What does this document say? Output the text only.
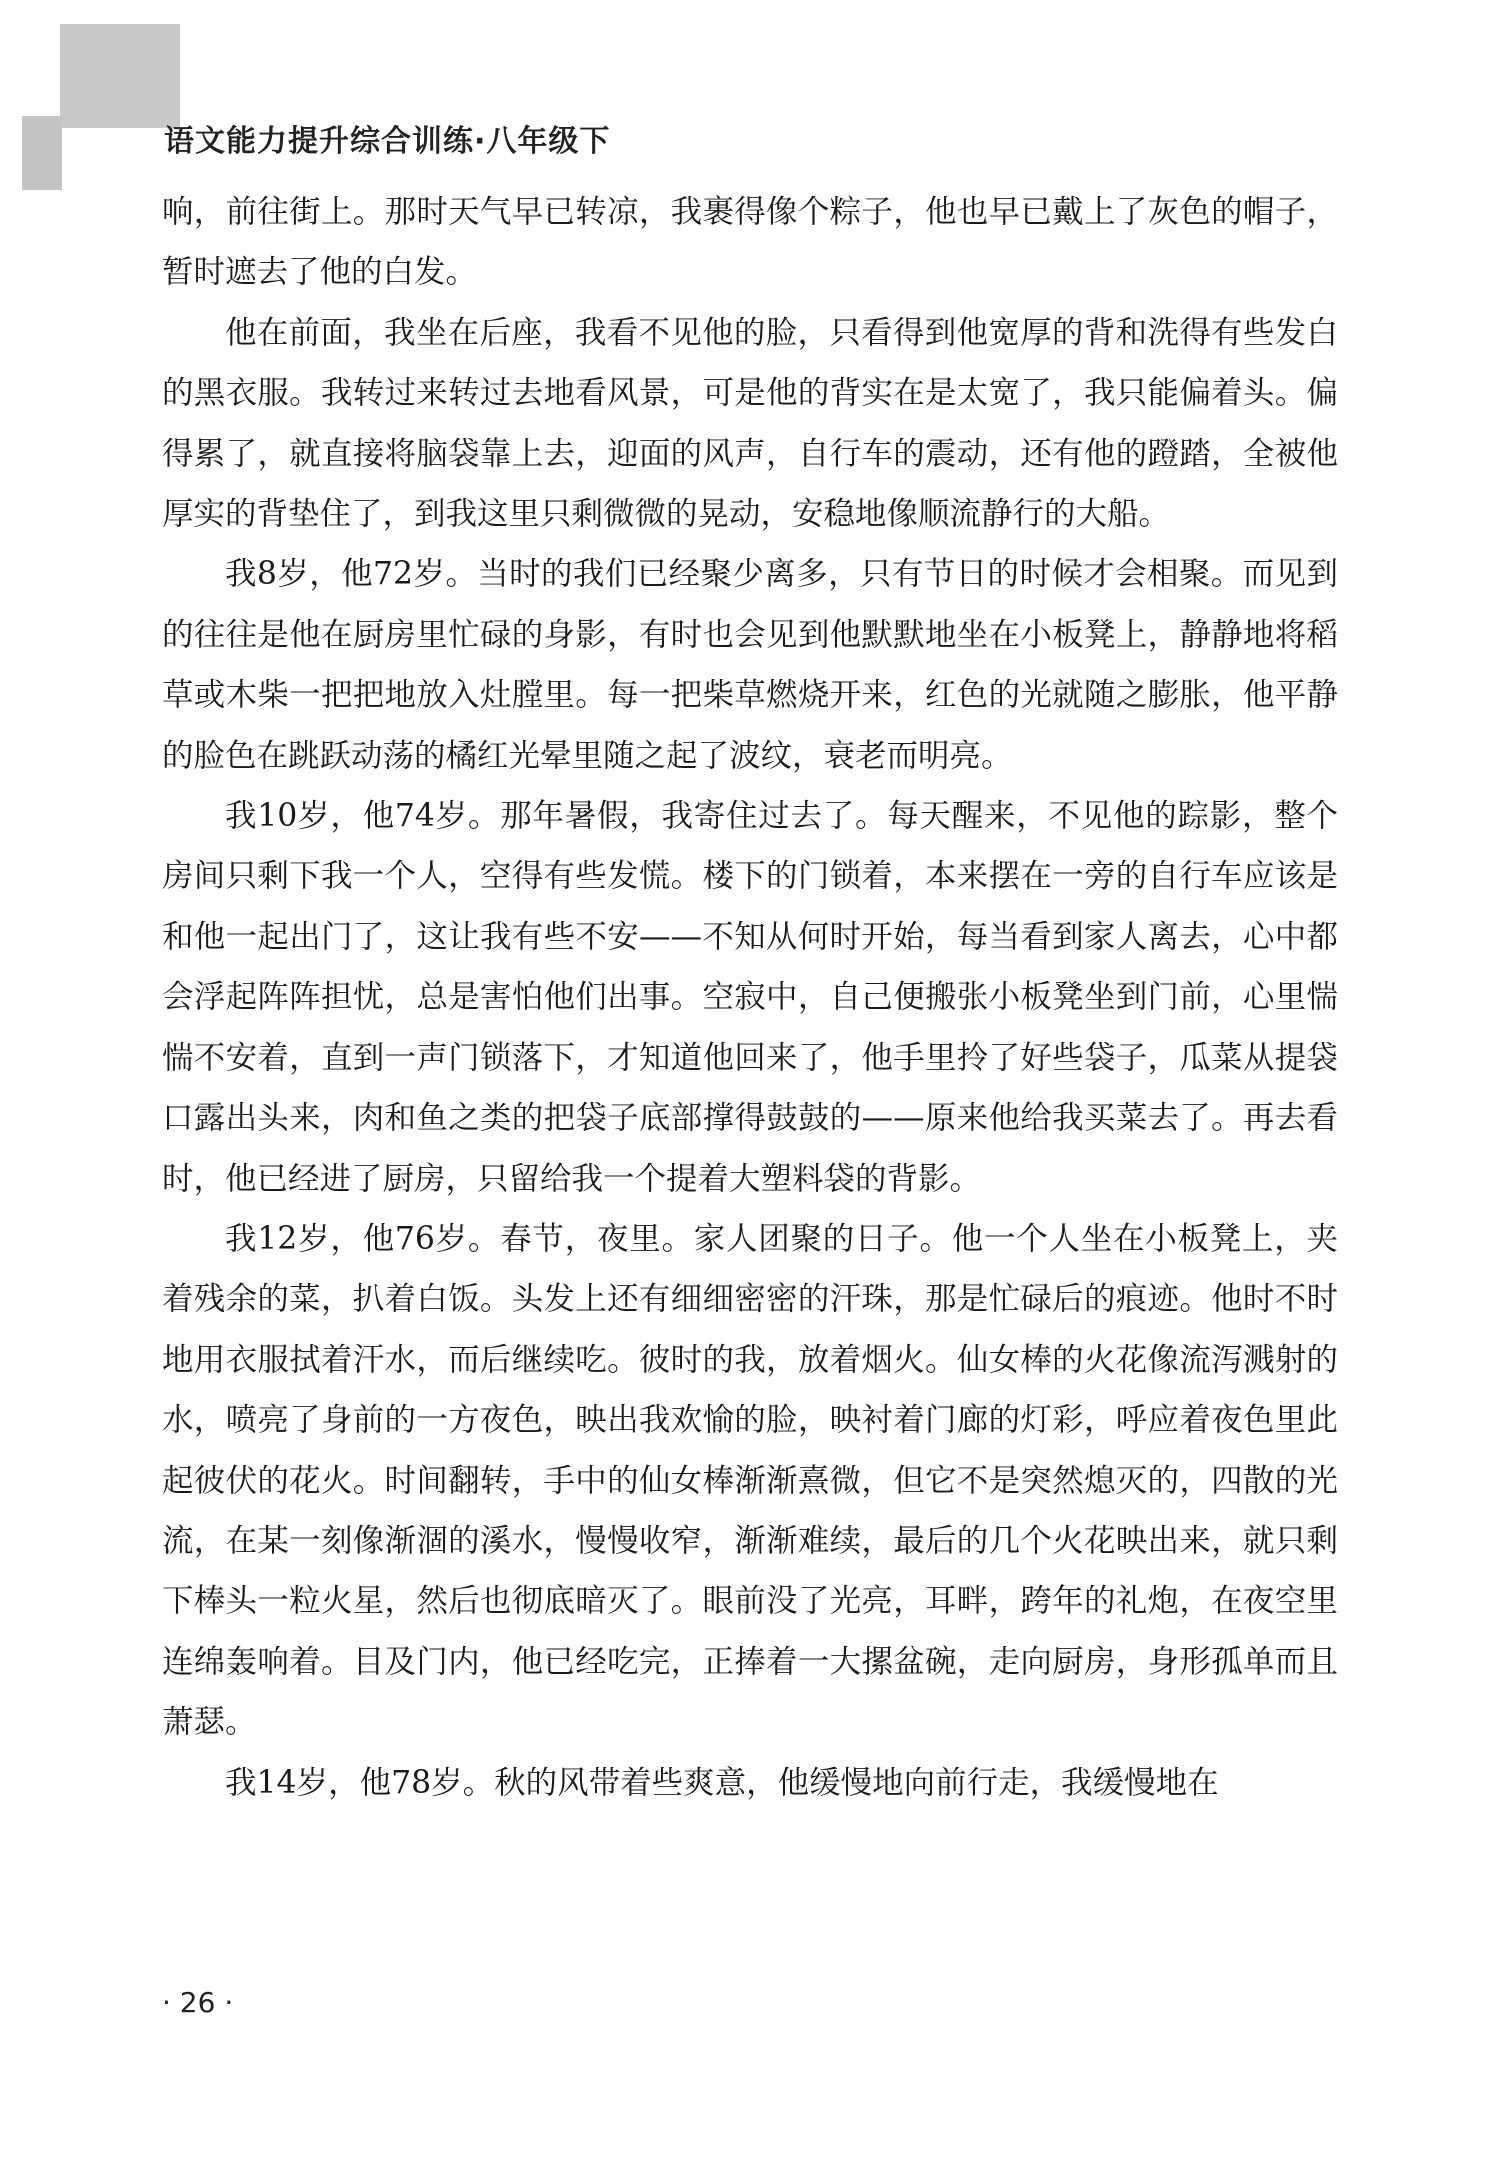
语文能力提升综合训练·八年级下

响，前往街上。那时天气早已转凉，我裹得像个粽子，他也早已戴上了灰色的帽子，暂时遮去了他的白发。

他在前面，我坐在后座，我看不见他的脸，只看得到他宽厚的背和洗得有些发白的黑衣服。我转过来转过去地看风景，可是他的背实在是太宽了，我只能偏着头。偏得累了，就直接将脑袋靠上去，迎面的风声，自行车的震动，还有他的蹬踏，全被他厚实的背垫住了，到我这里只剩微微的晃动，安稳地像顺流静行的大船。

我8岁，他72岁。当时的我们已经聚少离多，只有节日的时候才会相聚。而见到的往往是他在厨房里忙碌的身影，有时也会见到他默默地坐在小板凳上，静静地将稻草或木柴一把把地放入灶膛里。每一把柴草燃烧开来，红色的光就随之膨胀，他平静的脸色在跳跃动荡的橘红光晕里随之起了波纹，衰老而明亮。

我10岁，他74岁。那年暑假，我寄住过去了。每天醒来，不见他的踪影，整个房间只剩下我一个人，空得有些发慌。楼下的门锁着，本来摆在一旁的自行车应该是和他一起出门了，这让我有些不安——不知从何时开始，每当看到家人离去，心中都会浮起阵阵担忧，总是害怕他们出事。空寂中，自己便搬张小板凳坐到门前，心里惴惴不安着，直到一声门锁落下，才知道他回来了，他手里拎了好些袋子，瓜菜从提袋口露出头来，肉和鱼之类的把袋子底部撑得鼓鼓的——原来他给我买菜去了。再去看时，他已经进了厨房，只留给我一个提着大塑料袋的背影。

我12岁，他76岁。春节，夜里。家人团聚的日子。他一个人坐在小板凳上，夹着残余的菜，扒着白饭。头发上还有细细密密的汗珠，那是忙碌后的痕迹。他时不时地用衣服拭着汗水，而后继续吃。彼时的我，放着烟火。仙女棒的火花像流泻溅射的水，喷亮了身前的一方夜色，映出我欢愉的脸，映衬着门廊的灯彩，呼应着夜色里此起彼伏的花火。时间翻转，手中的仙女棒渐渐熹微，但它不是突然熄灭的，四散的光流，在某一刻像渐涸的溪水，慢慢收窄，渐渐难续，最后的几个火花映出来，就只剩下棒头一粒火星，然后也彻底暗灭了。眼前没了光亮，耳畔，跨年的礼炮，在夜空里连绵轰响着。目及门内，他已经吃完，正捧着一大摞盆碗，走向厨房，身形孤单而且萧瑟。

我14岁，他78岁。秋的风带着些爽意，他缓慢地向前行走，我缓慢地在

· 26 ·
